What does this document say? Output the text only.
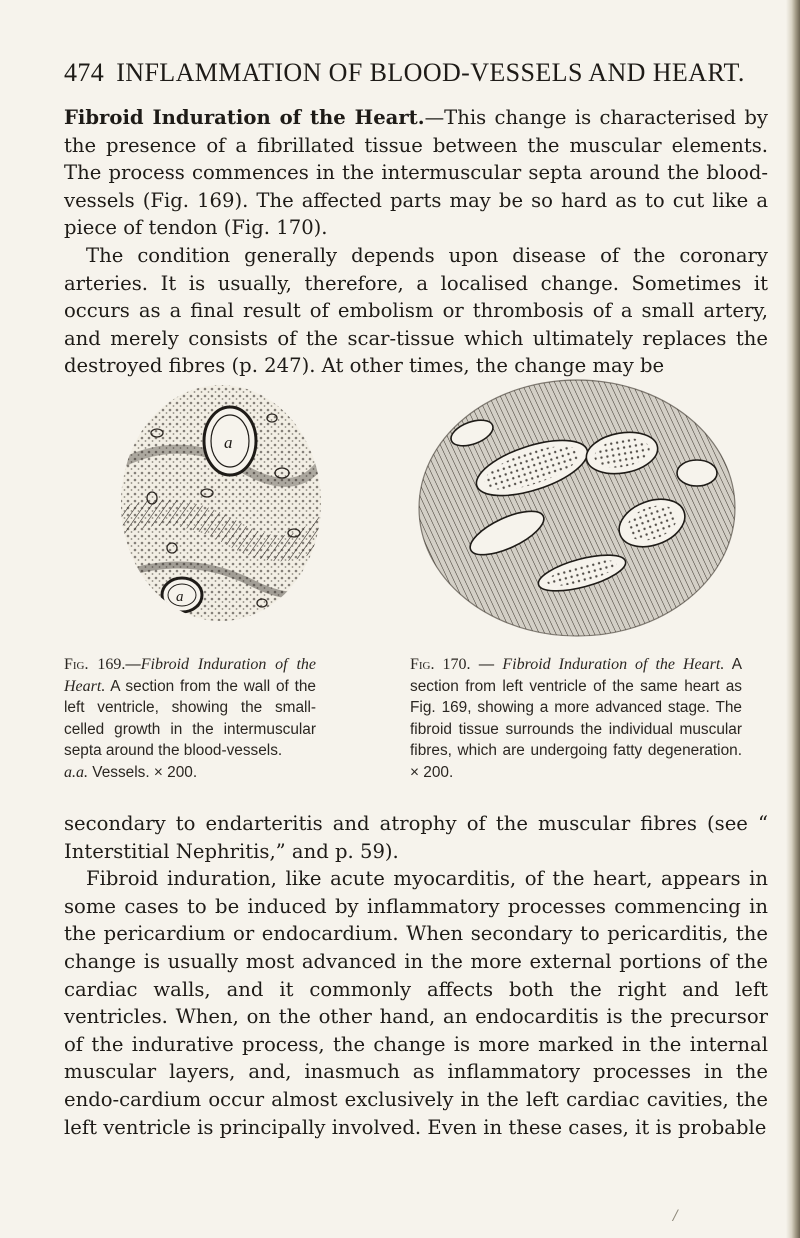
474 INFLAMMATION OF BLOOD-VESSELS AND HEART.

Fibroid Induration of the Heart.—This change is characterised by the presence of a fibrillated tissue between the muscular elements. The process commences in the intermuscular septa around the blood-vessels (Fig. 169). The affected parts may be so hard as to cut like a piece of tendon (Fig. 170).

The condition generally depends upon disease of the coronary arteries. It is usually, therefore, a localised change. Sometimes it occurs as a final result of embolism or thrombosis of a small artery, and merely consists of the scar-tissue which ultimately replaces the destroyed fibres (p. 247). At other times, the change may be

a
a
Fig. 169.—Fibroid Induration of the Heart. A section from the wall of the left ventricle, showing the small-celled growth in the intermuscular septa around the blood-vessels.
a.a. Vessels. × 200.
Fig. 170. — Fibroid Induration of the Heart. A section from left ventricle of the same heart as Fig. 169, showing a more advanced stage. The fibroid tissue surrounds the individual muscular fibres, which are undergoing fatty degeneration. × 200.

secondary to endarteritis and atrophy of the muscular fibres (see “ Interstitial Nephritis,” and p. 59).

Fibroid induration, like acute myocarditis, of the heart, appears in some cases to be induced by inflammatory processes commencing in the pericardium or endocardium. When secondary to pericarditis, the change is usually most advanced in the more external portions of the cardiac walls, and it commonly affects both the right and left ventricles. When, on the other hand, an endocarditis is the precursor of the indurative process, the change is more marked in the internal muscular layers, and, inasmuch as inflammatory processes in the endo-cardium occur almost exclusively in the left cardiac cavities, the left ventricle is principally involved. Even in these cases, it is probable

/
